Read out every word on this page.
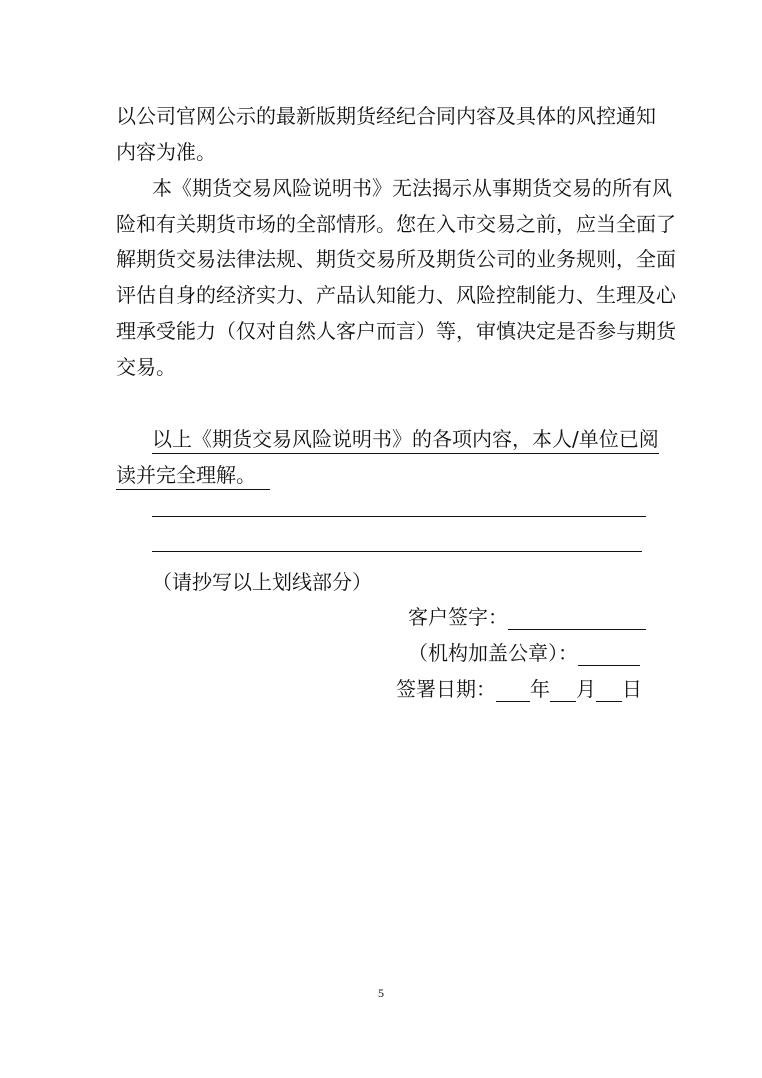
以公司官网公示的最新版期货经纪合同内容及具体的风控通知
内容为准。
本《期货交易风险说明书》无法揭示从事期货交易的所有风
险和有关期货市场的全部情形。您在入市交易之前，应当全面了
解期货交易法律法规、期货交易所及期货公司的业务规则，全面
评估自身的经济实力、产品认知能力、风险控制能力、生理及心
理承受能力（仅对自然人客户而言）等，审慎决定是否参与期货
交易。
以上《期货交易风险说明书》的各项内容，本人/单位已阅
读并完全理解。
（请抄写以上划线部分）
客户签字：
（机构加盖公章）：
签署日期： 年 月 日
5
